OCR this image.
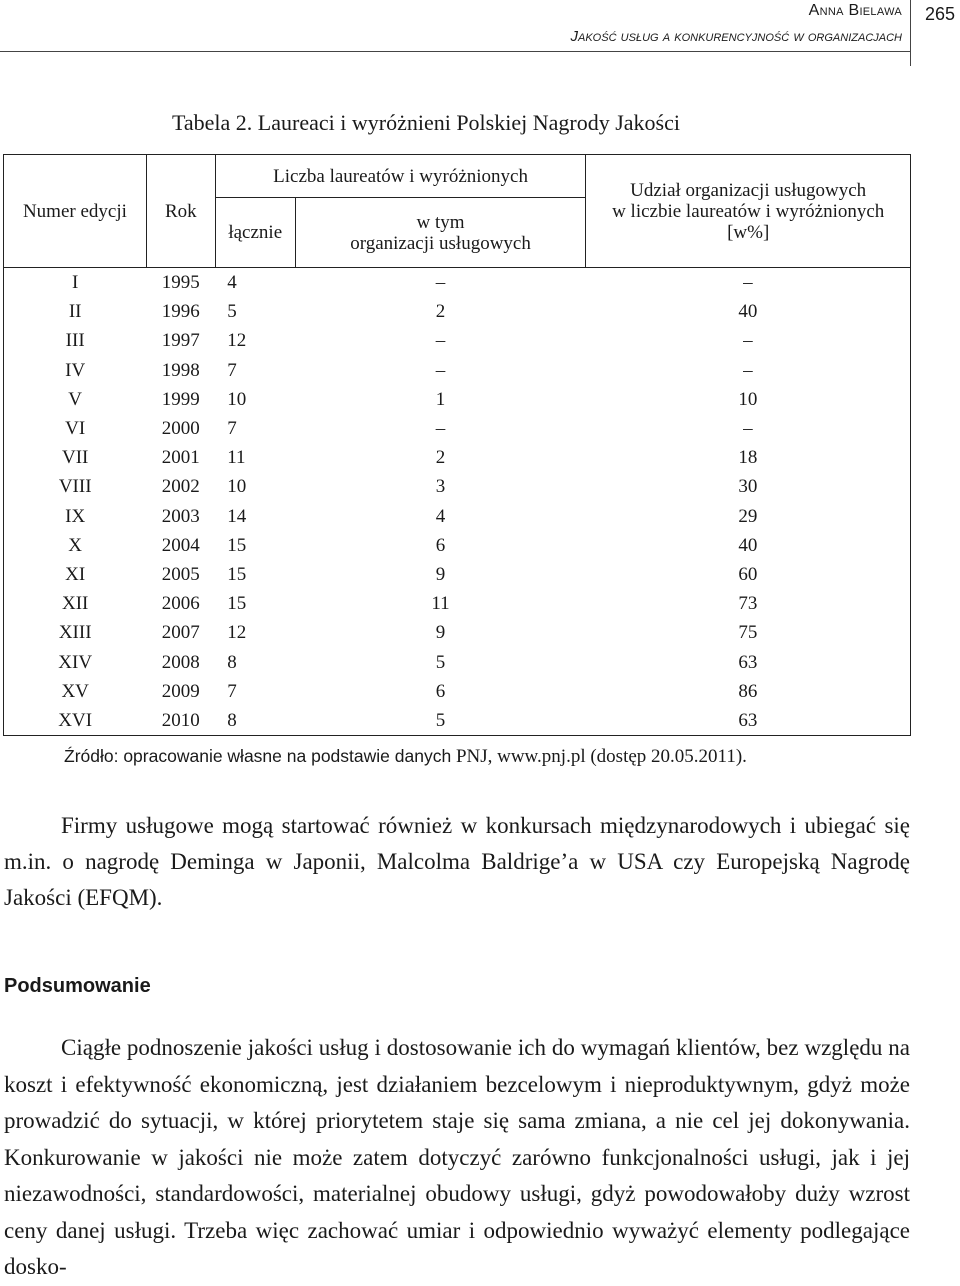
Anna Bielawa
Jakość usług a konkurencyjność w organizacjach
265
Tabela 2. Laureaci i wyróżnieni Polskiej Nagrody Jakości
Numer edycji	Rok	Liczba laureatów i wyróżnionych		Udział organizacji usługowych
w liczbie laureatów i wyróżnionych
[w%]

		łącznie	w tym
organizacji usługowych	

I	1995	4	–	–
II	1996	5	2	40
III	1997	12	–	–
IV	1998	7	–	–
V	1999	10	1	10
VI	2000	7	–	–
VII	2001	11	2	18
VIII	2002	10	3	30
IX	2003	14	4	29
X	2004	15	6	40
XI	2005	15	9	60
XII	2006	15	11	73
XIII	2007	12	9	75
XIV	2008	8	5	63
XV	2009	7	6	86
XVI	2010	8	5	63
Źródło: opracowanie własne na podstawie danych PNJ, www.pnj.pl (dostęp 20.05.2011).
Firmy usługowe mogą startować również w konkursach międzynarodowych i ubiegać się m.in. o nagrodę Deminga w Japonii, Malcolma Baldrige’a w USA czy Europejską Nagrodę Jakości (EFQM).
Podsumowanie
Ciągłe podnoszenie jakości usług i dostosowanie ich do wymagań klientów, bez względu na koszt i efektywność ekonomiczną, jest działaniem bezcelowym i nieproduktywnym, gdyż może prowadzić do sytuacji, w której priorytetem staje się sama zmiana, a nie cel jej dokonywania. Konkurowanie w jakości nie może zatem dotyczyć zarówno funkcjonalności usługi, jak i jej niezawodności, standardowości, materialnej obudowy usługi, gdyż powodowałoby duży wzrost ceny danej usługi. Trzeba więc zachować umiar i odpowiednio wyważyć elementy podlegające dosko-
